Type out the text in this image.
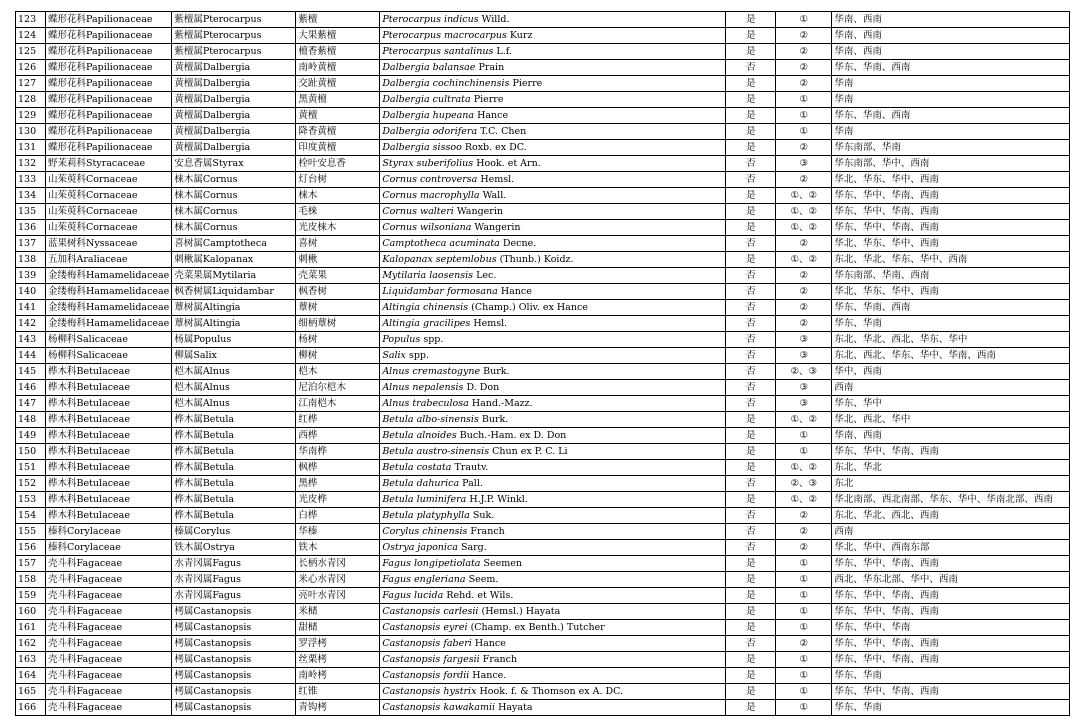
123	蝶形花科Papilionaceae	紫檀属Pterocarpus	紫檀	Pterocarpus indicus Willd.	是	①	华南、西南
124	蝶形花科Papilionaceae	紫檀属Pterocarpus	大果紫檀	Pterocarpus macrocarpus Kurz	是	②	华南、西南
125	蝶形花科Papilionaceae	紫檀属Pterocarpus	檀香紫檀	Pterocarpus santalinus L.f.	是	②	华南、西南
126	蝶形花科Papilionaceae	黄檀属Dalbergia	南岭黄檀	Dalbergia balansae Prain	否	②	华东、华南、西南
127	蝶形花科Papilionaceae	黄檀属Dalbergia	交趾黄檀	Dalbergia cochinchinensis Pierre	是	②	华南
128	蝶形花科Papilionaceae	黄檀属Dalbergia	黑黄檀	Dalbergia cultrata Pierre	是	①	华南
129	蝶形花科Papilionaceae	黄檀属Dalbergia	黄檀	Dalbergia hupeana Hance	是	①	华东、华南、西南
130	蝶形花科Papilionaceae	黄檀属Dalbergia	降香黄檀	Dalbergia odorifera T.C. Chen	是	①	华南
131	蝶形花科Papilionaceae	黄檀属Dalbergia	印度黄檀	Dalbergia sissoo Roxb. ex DC.	是	②	华东南部、华南
132	野茉莉科Styracaceae	安息香属Styrax	栓叶安息香	Styrax suberifolius Hook. et Arn.	否	③	华东南部、华中、西南
133	山茱萸科Cornaceae	梾木属Cornus	灯台树	Cornus controversa Hemsl.	否	②	华北、华东、华中、西南
134	山茱萸科Cornaceae	梾木属Cornus	梾木	Cornus macrophylla Wall.	是	①、②	华东、华中、华南、西南
135	山茱萸科Cornaceae	梾木属Cornus	毛梾	Cornus walteri Wangerin	是	①、②	华东、华中、华南、西南
136	山茱萸科Cornaceae	梾木属Cornus	光皮梾木	Cornus wilsoniana Wangerin	是	①、②	华东、华中、华南、西南
137	蓝果树科Nyssaceae	喜树属Camptotheca	喜树	Camptotheca acuminata Decne.	否	②	华北、华东、华中、西南
138	五加科Araliaceae	刺楸属Kalopanax	刺楸	Kalopanax septemlobus (Thunb.) Koidz.	是	①、②	东北、华北、华东、华中、西南
139	金缕梅科Hamamelidaceae	壳菜果属Mytilaria	壳菜果	Mytilaria laosensis Lec.	否	②	华东南部、华南、西南
140	金缕梅科Hamamelidaceae	枫香树属Liquidambar	枫香树	Liquidambar formosana Hance	否	②	华北、华东、华中、西南
141	金缕梅科Hamamelidaceae	蕈树属Altingia	蕈树	Altingia chinensis (Champ.) Oliv. ex Hance	否	②	华东、华南、西南
142	金缕梅科Hamamelidaceae	蕈树属Altingia	细柄蕈树	Altingia gracilipes Hemsl.	否	②	华东、华南
143	杨柳科Salicaceae	杨属Populus	杨树	Populus spp.	否	③	东北、华北、西北、华东、华中
144	杨柳科Salicaceae	柳属Salix	柳树	Salix spp.	否	③	东北、西北、华东、华中、华南、西南
145	桦木科Betulaceae	桤木属Alnus	桤木	Alnus cremastogyne Burk.	否	②、③	华中、西南
146	桦木科Betulaceae	桤木属Alnus	尼泊尔桤木	Alnus nepalensis D. Don	否	③	西南
147	桦木科Betulaceae	桤木属Alnus	江南桤木	Alnus trabeculosa Hand.-Mazz.	否	③	华东、华中
148	桦木科Betulaceae	桦木属Betula	红桦	Betula albo-sinensis Burk.	是	①、②	华北、西北、华中
149	桦木科Betulaceae	桦木属Betula	西桦	Betula alnoides Buch.-Ham. ex D. Don	是	①	华南、西南
150	桦木科Betulaceae	桦木属Betula	华南桦	Betula austro-sinensis Chun ex P. C. Li	是	①	华东、华中、华南、西南
151	桦木科Betulaceae	桦木属Betula	枫桦	Betula costata Trautv.	是	①、②	东北、华北
152	桦木科Betulaceae	桦木属Betula	黑桦	Betula dahurica Pall.	否	②、③	东北
153	桦木科Betulaceae	桦木属Betula	光皮桦	Betula luminifera H.J.P. Winkl.	是	①、②	华北南部、西北南部、华东、华中、华南北部、西南
154	桦木科Betulaceae	桦木属Betula	白桦	Betula platyphylla Suk.	否	②	东北、华北、西北、西南
155	榛科Corylaceae	榛属Corylus	华榛	Corylus chinensis Franch	否	②	西南
156	榛科Corylaceae	铁木属Ostrya	铁木	Ostrya japonica Sarg.	否	②	华北、华中、西南东部
157	壳斗科Fagaceae	水青冈属Fagus	长柄水青冈	Fagus longipetiolata Seemen	是	①	华东、华中、华南、西南
158	壳斗科Fagaceae	水青冈属Fagus	米心水青冈	Fagus engleriana Seem.	是	①	西北、华东北部、华中、西南
159	壳斗科Fagaceae	水青冈属Fagus	亮叶水青冈	Fagus lucida Rehd. et Wils.	是	①	华东、华中、华南、西南
160	壳斗科Fagaceae	栲属Castanopsis	米槠	Castanopsis carlesii (Hemsl.) Hayata	是	①	华东、华中、华南、西南
161	壳斗科Fagaceae	栲属Castanopsis	甜槠	Castanopsis eyrei (Champ. ex Benth.) Tutcher	是	①	华东、华中、华南
162	壳斗科Fagaceae	栲属Castanopsis	罗浮栲	Castanopsis faberi Hance	否	②	华东、华中、华南、西南
163	壳斗科Fagaceae	栲属Castanopsis	丝栗栲	Castanopsis fargesii Franch	是	①	华东、华中、华南、西南
164	壳斗科Fagaceae	栲属Castanopsis	南岭栲	Castanopsis fordii Hance.	是	①	华东、华南
165	壳斗科Fagaceae	栲属Castanopsis	红锥	Castanopsis hystrix Hook. f. & Thomson ex A. DC.	是	①	华东、华中、华南、西南
166	壳斗科Fagaceae	栲属Castanopsis	青钩栲	Castanopsis kawakamii Hayata	是	①	华东、华南
